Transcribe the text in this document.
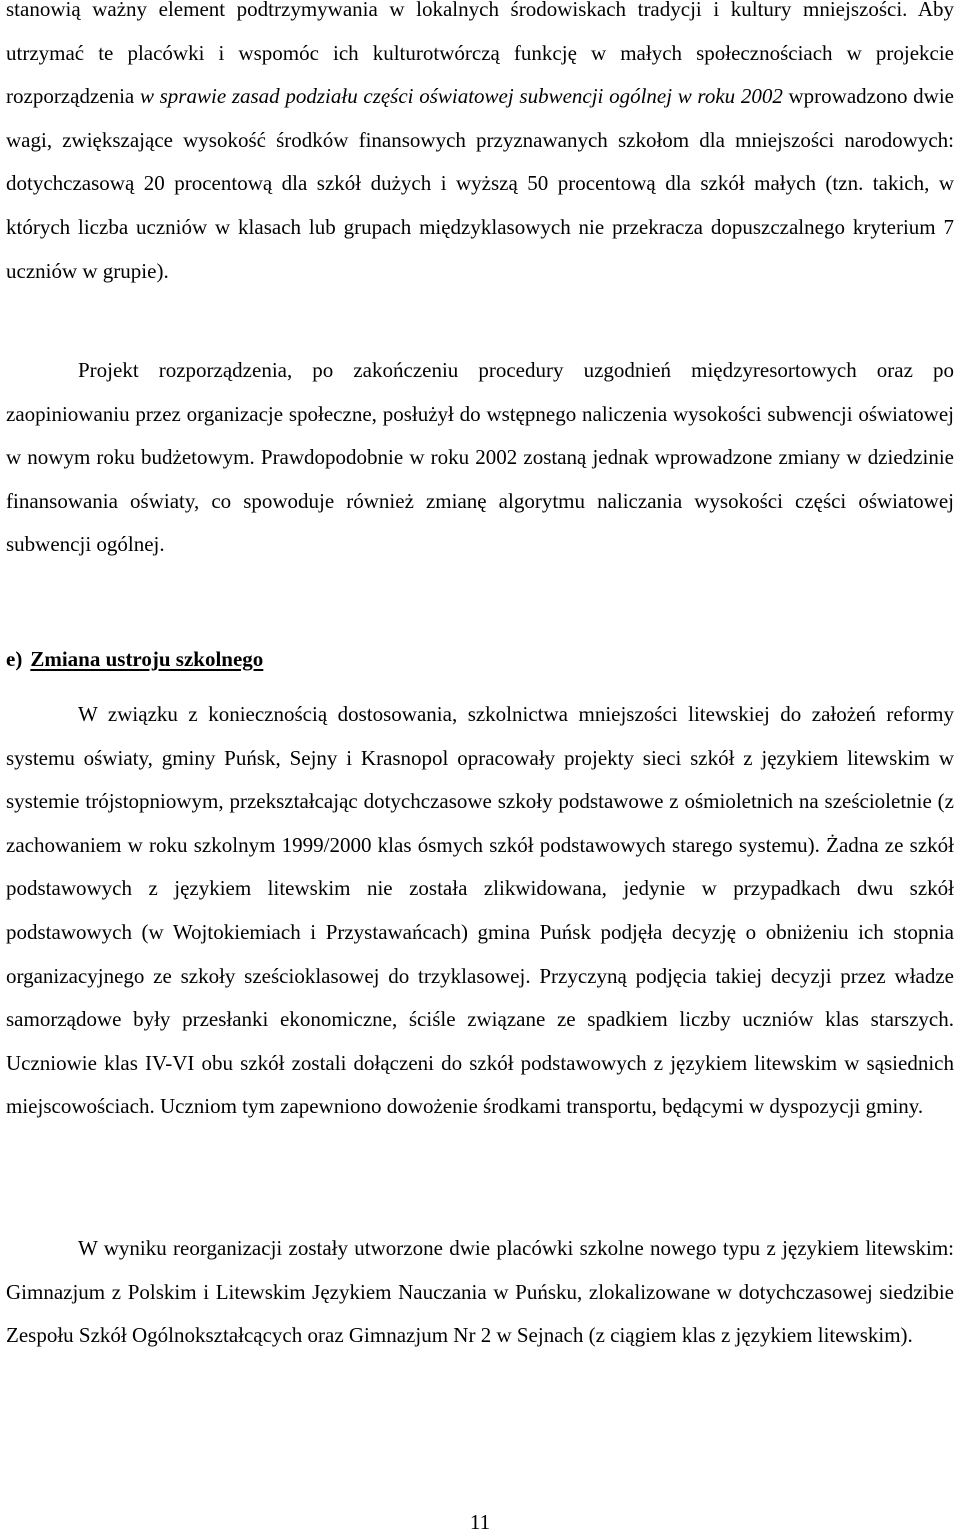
stanowią ważny element podtrzymywania w lokalnych środowiskach tradycji i kultury mniejszości. Aby utrzymać te placówki i wspomóc ich kulturotwórczą funkcję w małych społecznościach w projekcie rozporządzenia w sprawie zasad podziału części oświatowej subwencji ogólnej w roku 2002 wprowadzono dwie wagi, zwiększające wysokość środków finansowych przyznawanych szkołom dla mniejszości narodowych: dotychczasową 20 procentową dla szkół dużych i wyższą 50 procentową dla szkół małych (tzn. takich, w których liczba uczniów w klasach lub grupach międzyklasowych nie przekracza dopuszczalnego kryterium 7 uczniów w grupie).

Projekt rozporządzenia, po zakończeniu procedury uzgodnień międzyresortowych oraz po zaopiniowaniu przez organizacje społeczne, posłużył do wstępnego naliczenia wysokości subwencji oświatowej w nowym roku budżetowym. Prawdopodobnie w roku 2002 zostaną jednak wprowadzone zmiany w dziedzinie finansowania oświaty, co spowoduje również zmianę algorytmu naliczania wysokości części oświatowej subwencji ogólnej.

e) Zmiana ustroju szkolnego

W związku z koniecznością dostosowania, szkolnictwa mniejszości litewskiej do założeń reformy systemu oświaty, gminy Puńsk, Sejny i Krasnopol opracowały projekty sieci szkół z językiem litewskim w systemie trójstopniowym, przekształcając dotychczasowe szkoły podstawowe z ośmioletnich na sześcioletnie (z zachowaniem w roku szkolnym 1999/2000 klas ósmych szkół podstawowych starego systemu). Żadna ze szkół podstawowych z językiem litewskim nie została zlikwidowana, jedynie w przypadkach dwu szkół podstawowych (w Wojtokiemiach i Przystawańcach) gmina Puńsk podjęła decyzję o obniżeniu ich stopnia organizacyjnego ze szkoły sześcioklasowej do trzyklasowej. Przyczyną podjęcia takiej decyzji przez władze samorządowe były przesłanki ekonomiczne, ściśle związane ze spadkiem liczby uczniów klas starszych. Uczniowie klas IV-VI obu szkół zostali dołączeni do szkół podstawowych z językiem litewskim w sąsiednich miejscowościach. Uczniom tym zapewniono dowożenie środkami transportu, będącymi w dyspozycji gminy.

W wyniku reorganizacji zostały utworzone dwie placówki szkolne nowego typu z językiem litewskim: Gimnazjum z Polskim i Litewskim Językiem Nauczania w Puńsku, zlokalizowane w dotychczasowej siedzibie Zespołu Szkół Ogólnokształcących oraz Gimnazjum Nr 2 w Sejnach (z ciągiem klas z językiem litewskim).

11
